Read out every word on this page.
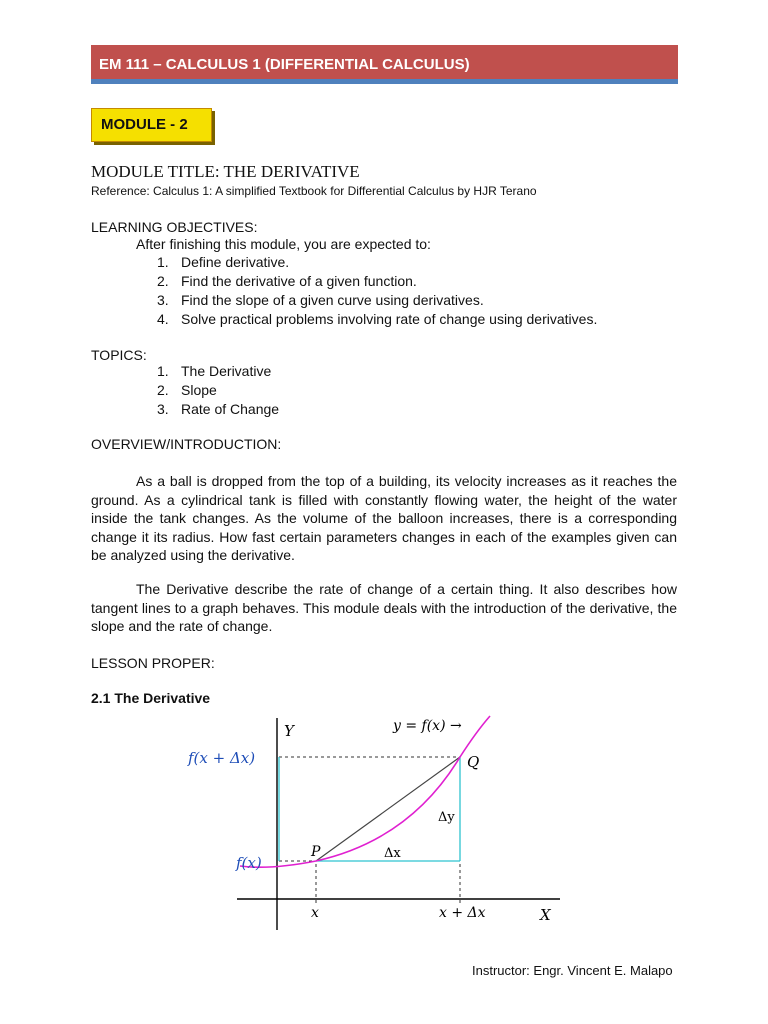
EM 111 – CALCULUS 1 (DIFFERENTIAL CALCULUS)
MODULE - 2

MODULE TITLE: THE DERIVATIVE

Reference: Calculus 1: A simplified Textbook for Differential Calculus by HJR Terano

LEARNING OBJECTIVES:

After finishing this module, you are expected to:

1. Define derivative.
2. Find the derivative of a given function.
3. Find the slope of a given curve using derivatives.
4. Solve practical problems involving rate of change using derivatives.

TOPICS:

1. The Derivative
2. Slope
3. Rate of Change

OVERVIEW/INTRODUCTION:

As a ball is dropped from the top of a building, its velocity increases as it reaches the ground. As a cylindrical tank is filled with constantly flowing water, the height of the water inside the tank changes. As the volume of the balloon increases, there is a corresponding change it its radius. How fast certain parameters changes in each of the examples given can be analyzed using the derivative.

The Derivative describe the rate of change of a certain thing. It also describes how tangent lines to a graph behaves. This module deals with the introduction of the derivative, the slope and the rate of change.

LESSON PROPER:

2.1 The Derivative

Y	y = f(x) →
f(x + Δx)
f(x)
P
Q
Δx
Δy
x	x + Δx	X

Instructor: Engr. Vincent E. Malapo
